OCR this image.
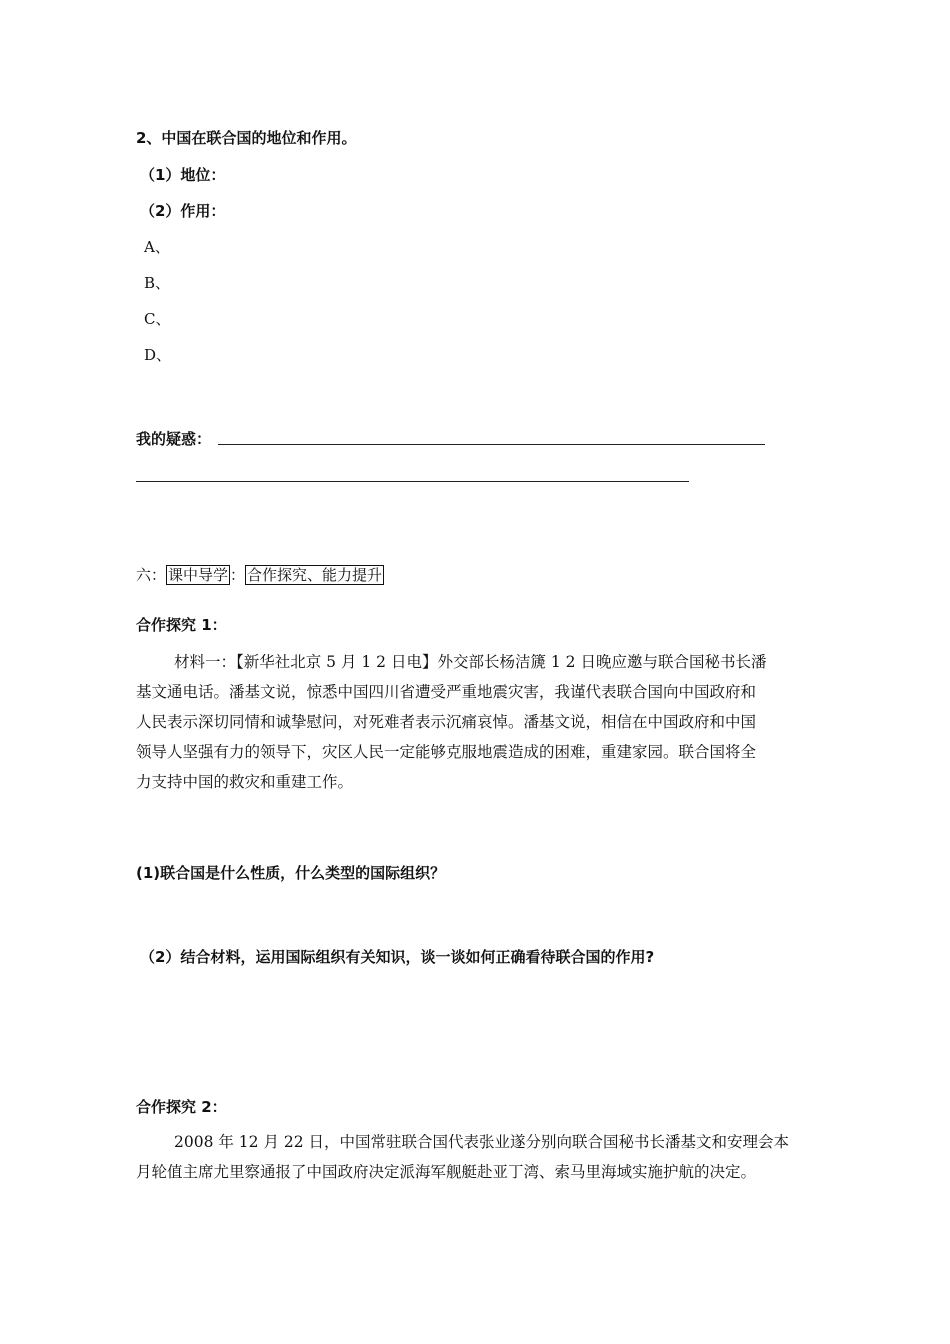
2、中国在联合国的地位和作用。
（1）地位：
（2）作用：
A、
B、
C、
D、
我的疑惑：
六： 课中导学 ： 合作探究、能力提升
合作探究 1：

材料一：【新华社北京 5 月 1 2 日电】外交部长杨洁篪 1 2 日晚应邀与联合国秘书长潘

基文通电话。潘基文说，惊悉中国四川省遭受严重地震灾害，我谨代表联合国向中国政府和

人民表示深切同情和诚挚慰问，对死难者表示沉痛哀悼。潘基文说，相信在中国政府和中国

领导人坚强有力的领导下，灾区人民一定能够克服地震造成的困难，重建家园。联合国将全

力支持中国的救灾和重建工作。

(1)联合国是什么性质，什么类型的国际组织？
（2）结合材料，运用国际组织有关知识，谈一谈如何正确看待联合国的作用?
合作探究 2：

2008 年 12 月 22 日，中国常驻联合国代表张业遂分别向联合国秘书长潘基文和安理会本

月轮值主席尤里察通报了中国政府决定派海军舰艇赴亚丁湾、索马里海域实施护航的决定。
